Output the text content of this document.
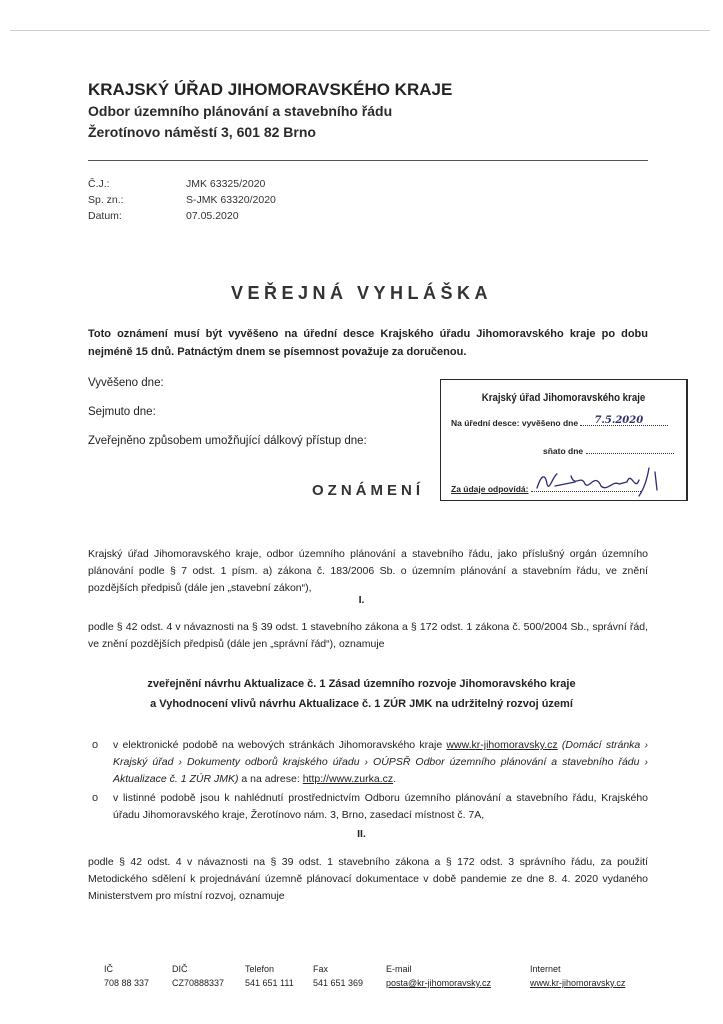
KRAJSKÝ ÚŘAD JIHOMORAVSKÉHO KRAJE
Odbor územního plánování a stavebního řádu
Žerotínovo náměstí 3, 601 82 Brno
Č.J.:	JMK 63325/2020
Sp. zn.:	S-JMK 63320/2020
Datum:	07.05.2020
VEŘEJNÁ VYHLÁŠKA
Toto oznámení musí být vyvěšeno na úřední desce Krajského úřadu Jihomoravského kraje po dobu nejméně 15 dnů. Patnáctým dnem se písemnost považuje za doručenou.
Vyvěšeno dne:
Sejmuto dne:
Zveřejněno způsobem umožňující dálkový přístup dne:
Krajský úřad Jihomoravského kraje
Na úřední desce: vyvěšeno dne 7.5.2020
sňato dne
Za údaje odpovídá:
OZNÁMENÍ
Krajský úřad Jihomoravského kraje, odbor územního plánování a stavebního řádu, jako příslušný orgán územního plánování podle § 7 odst. 1 písm. a) zákona č. 183/2006 Sb. o územním plánování a stavebním řádu, ve znění pozdějších předpisů (dále jen „stavební zákon“),
I.
podle § 42 odst. 4 v návaznosti na § 39 odst. 1 stavebního zákona a § 172 odst. 1 zákona č. 500/2004 Sb., správní řád, ve znění pozdějších předpisů (dále jen „správní řád“), oznamuje
zveřejnění návrhu Aktualizace č. 1 Zásad územního rozvoje Jihomoravského kraje
a Vyhodnocení vlivů návrhu Aktualizace č. 1 ZÚR JMK na udržitelný rozvoj území
o v elektronické podobě na webových stránkách Jihomoravského kraje www.kr-jihomoravsky.cz (Domácí stránka › Krajský úřad › Dokumenty odborů krajského úřadu › OÚPSŘ Odbor územního plánování a stavebního řádu › Aktualizace č. 1 ZÚR JMK) a na adrese: http://www.zurka.cz.
o v listinné podobě jsou k nahlédnutí prostřednictvím Odboru územního plánování a stavebního řádu, Krajského úřadu Jihomoravského kraje, Žerotínovo nám. 3, Brno, zasedací místnost č. 7A,
II.
podle § 42 odst. 4 v návaznosti na § 39 odst. 1 stavebního zákona a § 172 odst. 3 správního řádu, za použití Metodického sdělení k projednávání územně plánovací dokumentace v době pandemie ze dne 8. 4. 2020 vydaného Ministerstvem pro místní rozvoj, oznamuje
IČ
708 88 337
DIČ
CZ70888337
Telefon
541 651 111
Fax
541 651 369
E-mail
posta@kr-jihomoravsky.cz
Internet
www.kr-jihomoravsky.cz
